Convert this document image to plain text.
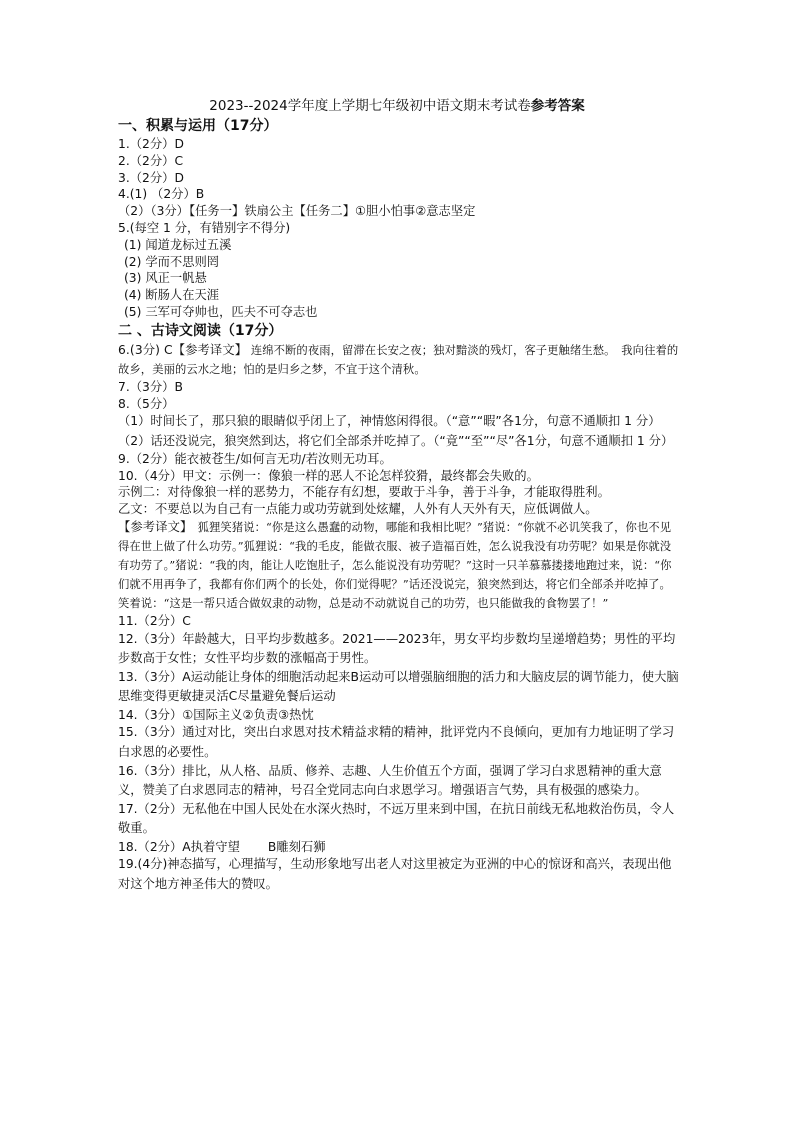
2023--2024学年度上学期七年级初中语文期末考试卷参考答案
一、积累与运用（17分）
1.（2分）D
2.（2分）C
3.（2分）D
4.(1) （2分）B
（2）（3分）【任务一】铁扇公主【任务二】①胆小怕事②意志坚定
5.(每空 1 分，有错别字不得分)
(1) 闻道龙标过五溪
(2) 学而不思则罔
(3) 风正一帆悬
(4) 断肠人在天涯
(5) 三军可夺帅也，匹夫不可夺志也
二 、古诗文阅读（17分）
6.(3分) C【参考译文】 连绵不断的夜雨，留滞在长安之夜；独对黯淡的残灯，客子更触绪生愁。　我向往着的故乡，美丽的云水之地；怕的是归乡之梦，不宜于这个清秋。
7.（3分）B
8.（5分）
（1）时间长了，那只狼的眼睛似乎闭上了，神情悠闲得很。（“意”“暇”各1分，句意不通顺扣 1 分）
（2）话还没说完，狼突然到达，将它们全部杀并吃掉了。（“竟”“至”“尽”各1分，句意不通顺扣 1 分）
9.（2分）能衣被苍生/如何言无功/若汝则无功耳。
10.（4分）甲文：示例一：像狼一样的恶人不论怎样狡猾，最终都会失败的。
示例二：对待像狼一样的恶势力，不能存有幻想，要敢于斗争，善于斗争，才能取得胜利。
乙文：不要总以为自己有一点能力或功劳就到处炫耀，人外有人天外有天，应低调做人。
【参考译文】　 狐狸笑猪说：“你是这么愚蠢的动物，哪能和我相比呢？”猪说：“你就不必讥笑我了，你也不见得在世上做了什么功劳。”狐狸说：“我的毛皮，能做衣服、被子造福百姓，怎么说我没有功劳呢？如果是你就没有功劳了。”猪说：“我的肉，能让人吃饱肚子，怎么能说没有功劳呢？”这时一只羊慕慕搂搂地跑过来，说：“你们就不用再争了，我都有你们两个的长处，你们觉得呢？”话还没说完，狼突然到达，将它们全部杀并吃掉了。笑着说：“这是一帮只适合做奴隶的动物，总是动不动就说自己的功劳，也只能做我的食物罢了！”
11.（2分）C
12.（3分）年龄越大，日平均步数越多。2021——2023年，男女平均步数均呈递增趋势；男性的平均步数高于女性；女性平均步数的涨幅高于男性。
13.（3分）A运动能让身体的细胞活动起来B运动可以增强脑细胞的活力和大脑皮层的调节能力，使大脑思维变得更敏捷灵活C尽量避免餐后运动
14.（3分）①国际主义②负责③热忱
15.（3分）通过对比，突出白求恩对技术精益求精的精神，批评党内不良倾向，更加有力地证明了学习白求恩的必要性。
16.（3分）排比，从人格、品质、修养、志趣、人生价值五个方面，强调了学习白求恩精神的重大意义，赞美了白求恩同志的精神，号召全党同志向白求恩学习。增强语言气势，具有极强的感染力。
17.（2分）无私他在中国人民处在水深火热时，不远万里来到中国，在抗日前线无私地救治伤员，令人敬重。
18.（2分）A执着守望 B雕刻石狮
19.(4分)神态描写，心理描写，生动形象地写出老人对这里被定为亚洲的中心的惊讶和高兴，表现出他对这个地方神圣伟大的赞叹。
